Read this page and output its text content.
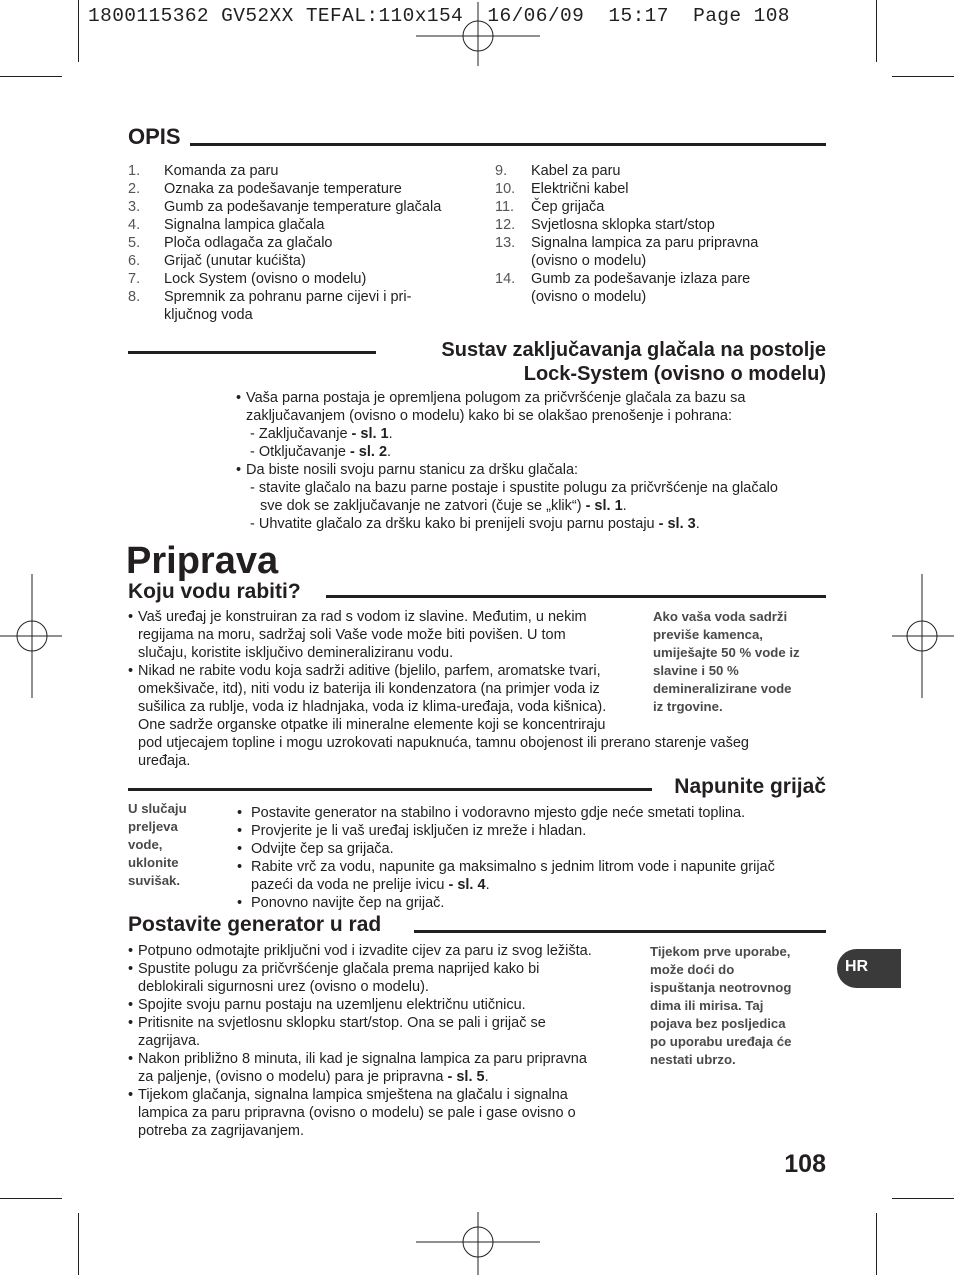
1800115362 GV52XX TEFAL:110x154  16/06/09  15:17  Page 108
OPIS
1. Komanda za paru
2. Oznaka za podešavanje temperature
3. Gumb za podešavanje temperature glačala
4. Signalna lampica glačala
5. Ploča odlagača za glačalo
6. Grijač (unutar kućišta)
7. Lock System (ovisno o modelu)
8. Spremnik za pohranu parne cijevi i pri-
ključnog voda
9. Kabel za paru
10. Električni kabel
11. Čep grijača
12. Svjetlosna sklopka start/stop
13. Signalna lampica za paru pripravna
(ovisno o modelu)
14. Gumb za podešavanje izlaza pare
(ovisno o modelu)
Sustav zaključavanja glačala na postolje
Lock-System (ovisno o modelu)
• Vaša parna postaja je opremljena polugom za pričvršćenje glačala za bazu sa
zaključavanjem (ovisno o modelu) kako bi se olakšao prenošenje i pohrana:
- Zaključavanje - sl. 1.
- Otključavanje - sl. 2.
• Da biste nosili svoju parnu stanicu za dršku glačala:
- stavite glačalo na bazu parne postaje i spustite polugu za pričvršćenje na glačalo
sve dok se zaključavanje ne zatvori (čuje se „klik“) - sl. 1.
- Uhvatite glačalo za dršku kako bi prenijeli svoju parnu postaju - sl. 3.
Priprava
Koju vodu rabiti?
• Vaš uređaj je konstruiran za rad s vodom iz slavine. Međutim, u nekim
regijama na moru, sadržaj soli Vaše vode može biti povišen. U tom
slučaju, koristite isključivo demineraliziranu vodu.
• Nikad ne rabite vodu koja sadrži aditive (bjelilo, parfem, aromatske tvari,
omekšivače, itd), niti vodu iz baterija ili kondenzatora (na primjer voda iz
sušilica za rublje, voda iz hladnjaka, voda iz klima-uređaja, voda kišnica).
One sadrže organske otpatke ili mineralne elemente koji se koncentriraju
pod utjecajem topline i mogu uzrokovati napuknuća, tamnu obojenost ili prerano starenje vašeg
uređaja.
Ako vaša voda sadrži
previše kamenca,
umiješajte 50 % vode iz
slavine i 50 %
demineralizirane vode
iz trgovine.
Napunite grijač
U slučaju
preljeva
vode,
uklonite
suvišak.
• Postavite generator na stabilno i vodoravno mjesto gdje neće smetati toplina.
• Provjerite je li vaš uređaj isključen iz mreže i hladan.
• Odvijte čep sa grijača.
• Rabite vrč za vodu, napunite ga maksimalno s jednim litrom vode i napunite grijač
pazeći da voda ne prelije ivicu - sl. 4.
• Ponovno navijte čep na grijač.
Postavite generator u rad
• Potpuno odmotajte priključni vod i izvadite cijev za paru iz svog ležišta.
• Spustite polugu za pričvršćenje glačala prema naprijed kako bi
deblokirali sigurnosni urez (ovisno o modelu).
• Spojite svoju parnu postaju na uzemljenu električnu utičnicu.
• Pritisnite na svjetlosnu sklopku start/stop. Ona se pali i grijač se
zagrijava.
• Nakon približno 8 minuta, ili kad je signalna lampica za paru pripravna
za paljenje, (ovisno o modelu) para je pripravna - sl. 5.
• Tijekom glačanja, signalna lampica smještena na glačalu i signalna
lampica za paru pripravna (ovisno o modelu) se pale i gase ovisno o
potreba za zagrijavanjem.
Tijekom prve uporabe,
može doći do
ispuštanja neotrovnog
dima ili mirisa. Taj
pojava bez posljedica
po uporabu uređaja će
nestati ubrzo.
HR
108
